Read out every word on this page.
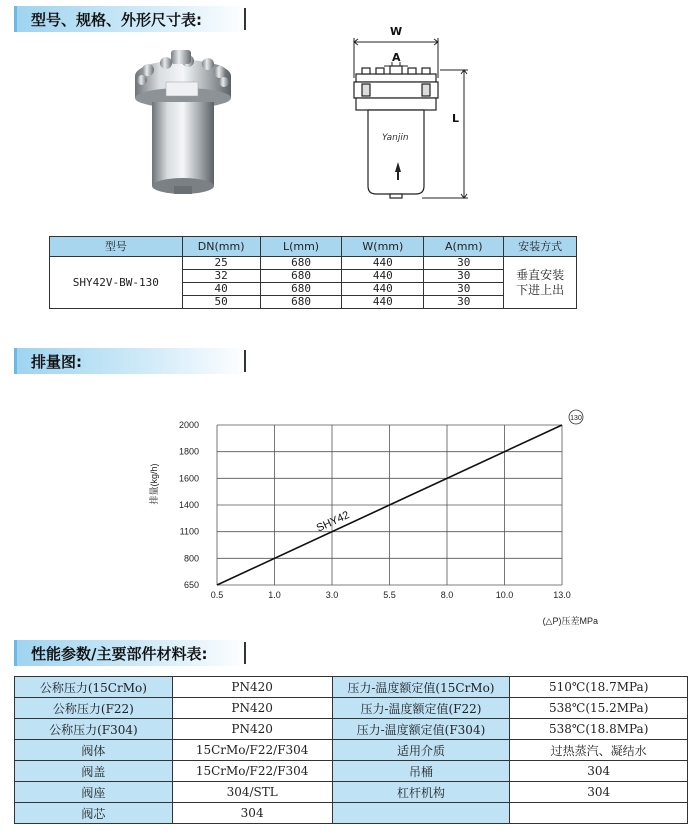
型号、规格、外形尺寸表:
Yanjin
W
A
L
型号	DN(mm)	L(mm)	W(mm)	A(mm)	安装方式
SHY42V-BW-130	25	680	440	30	垂直安装
下进上出
	32	680	440	30	
	40	680	440	30	
	50	680	440	30	
排量图:
0.5	1.0	3.0	5.5	8.0	10.0	13.0
650
800
1100
1400
1600
1800
2000
SHY42
排量(kg/h)
(△P)压差MPa
130
性能参数/主要部件材料表:
公称压力(15CrMo)	PN420	压力-温度额定值(15CrMo)	510℃(18.7MPa)
公称压力(F22)	PN420	压力-温度额定值(F22)	538℃(15.2MPa)
公称压力(F304)	PN420	压力-温度额定值(F304)	538℃(18.8MPa)
阀体	15CrMo/F22/F304	适用介质	过热蒸汽、凝结水
阀盖	15CrMo/F22/F304	吊桶	304
阀座	304/STL	杠杆机构	304
阀芯	304		
